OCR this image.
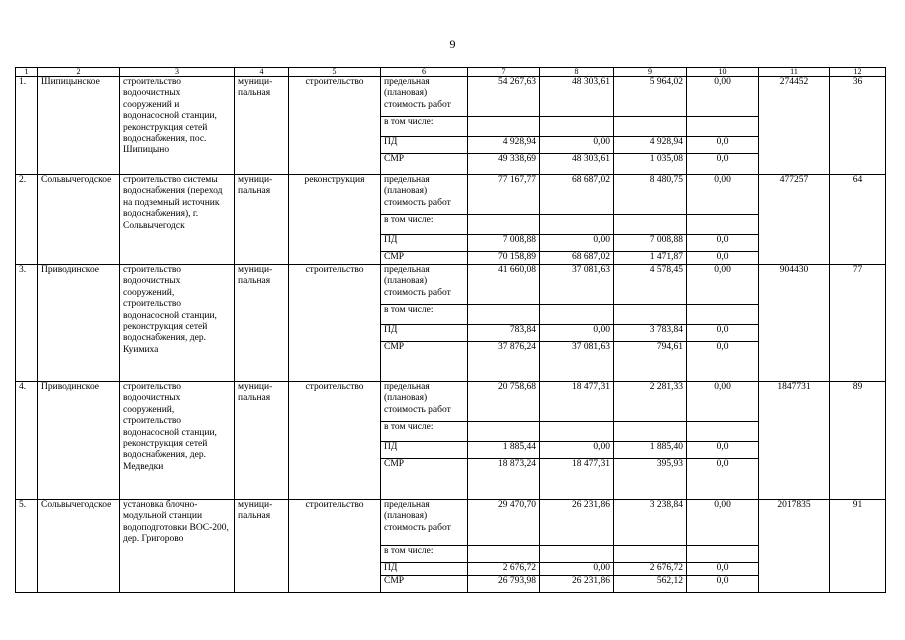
9
1	2	3	4	5	6	7	8	9	10	11	12
1.	Шипицынское	строительство водоочистных сооружений и водонасосной станции, реконструкция сетей водоснабжения, пос. Шипицыно	муници-пальная	строительство	предельная (плановая) стоимость работ	54 267,63	48 303,61	5 964,02	0,00	274452	36
					в том числе:						
					ПД	4 928,94	0,00	4 928,94	0,0		
					СМР	49 338,69	48 303,61	1 035,08	0,0		
2.	Сольвычегодское	строительство системы водоснабжения (переход на подземный источник водоснабжения), г. Сольвычегодск	муници-пальная	реконструкция	предельная (плановая) стоимость работ	77 167,77	68 687,02	8 480,75	0,00	477257	64
					в том числе:						
					ПД	7 008,88	0,00	7 008,88	0,0		
					СМР	70 158,89	68 687,02	1 471,87	0,0		
3.	Приводинское	строительство водоочистных сооружений, строительство водонасосной станции, реконструкция сетей водоснабжения, дер. Куимиха	муници-пальная	строительство	предельная (плановая) стоимость работ	41 660,08	37 081,63	4 578,45	0,00	904430	77
					в том числе:						
					ПД	783,84	0,00	3 783,84	0,0		
					СМР	37 876,24	37 081,63	794,61	0,0		
4.	Приводинское	строительство водоочистных сооружений, строительство водонасосной станции, реконструкция сетей водоснабжения, дер. Медведки	муници-пальная	строительство	предельная (плановая) стоимость работ	20 758,68	18 477,31	2 281,33	0,00	1847731	89
					в том числе:						
					ПД	1 885,44	0,00	1 885,40	0,0		
					СМР	18 873,24	18 477,31	395,93	0,0		
5.	Сольвычегодское	установка блочно-модульной станции водоподготовки ВОС-200, дер. Григорово	муници-пальная	строительство	предельная (плановая) стоимость работ	29 470,70	26 231,86	3 238,84	0,00	2017835	91
					в том числе:						
					ПД	2 676,72	0,00	2 676,72	0,0		
					СМР	26 793,98	26 231,86	562,12	0,0		
